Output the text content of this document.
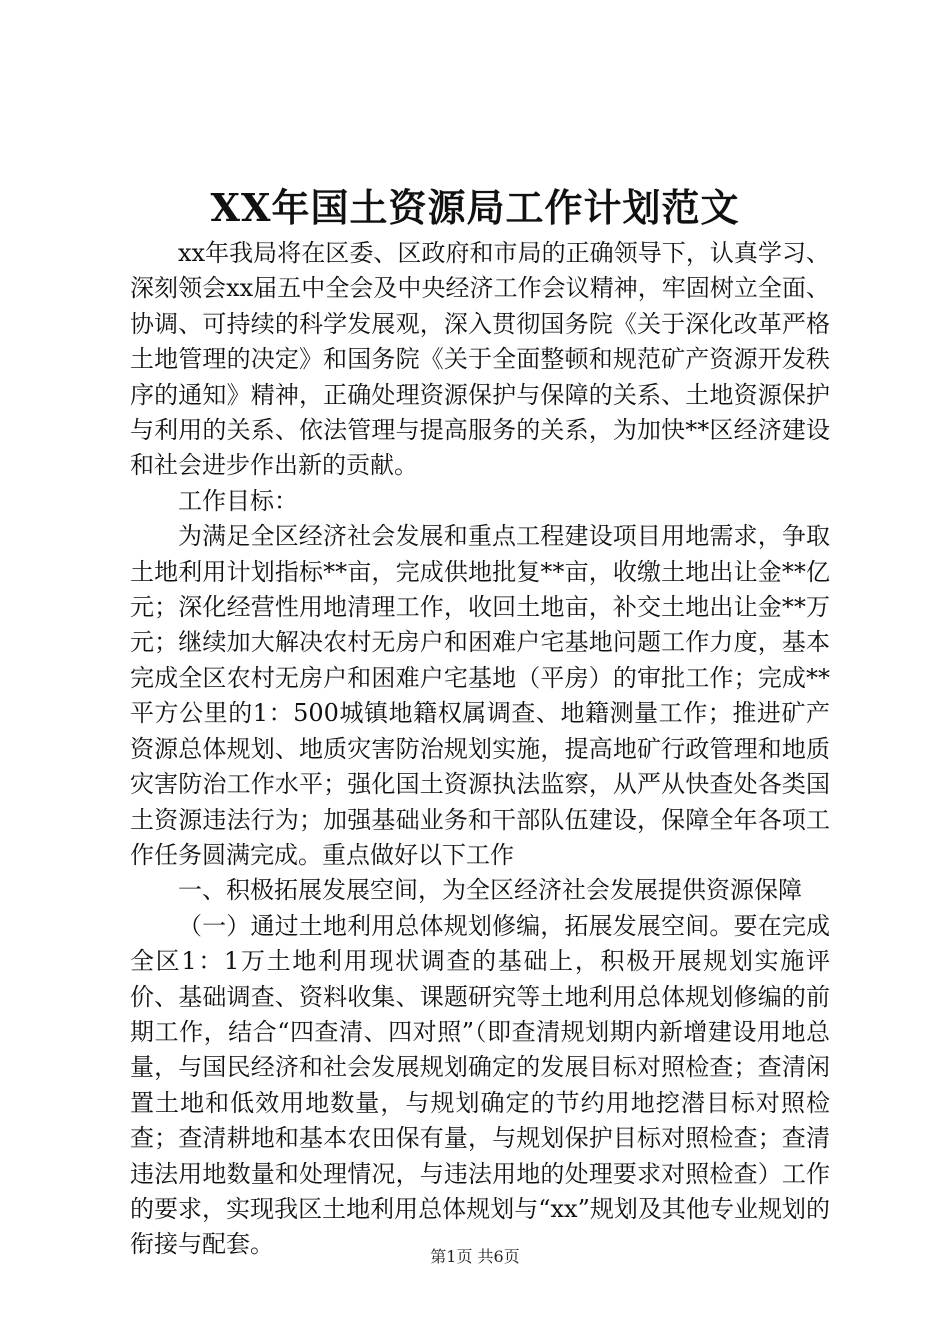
XX年国土资源局工作计划范文

xx年我局将在区委、区政府和市局的正确领导下，认真学习、深刻领会xx届五中全会及中央经济工作会议精神，牢固树立全面、协调、可持续的科学发展观，深入贯彻国务院《关于深化改革严格土地管理的决定》和国务院《关于全面整顿和规范矿产资源开发秩序的通知》精神，正确处理资源保护与保障的关系、土地资源保护与利用的关系、依法管理与提高服务的关系，为加快**区经济建设和社会进步作出新的贡献。

工作目标：

为满足全区经济社会发展和重点工程建设项目用地需求，争取土地利用计划指标**亩，完成供地批复**亩，收缴土地出让金**亿元；深化经营性用地清理工作，收回土地亩，补交土地出让金**万元；继续加大解决农村无房户和困难户宅基地问题工作力度，基本完成全区农村无房户和困难户宅基地（平房）的审批工作；完成**平方公里的1：500城镇地籍权属调查、地籍测量工作；推进矿产资源总体规划、地质灾害防治规划实施，提高地矿行政管理和地质灾害防治工作水平；强化国土资源执法监察，从严从快查处各类国土资源违法行为；加强基础业务和干部队伍建设，保障全年各项工作任务圆满完成。重点做好以下工作

一、积极拓展发展空间，为全区经济社会发展提供资源保障

（一）通过土地利用总体规划修编，拓展发展空间。要在完成全区1：1万土地利用现状调查的基础上，积极开展规划实施评价、基础调查、资料收集、课题研究等土地利用总体规划修编的前期工作，结合“四查清、四对照”（即查清规划期内新增建设用地总量，与国民经济和社会发展规划确定的发展目标对照检查；查清闲置土地和低效用地数量，与规划确定的节约用地挖潜目标对照检查；查清耕地和基本农田保有量，与规划保护目标对照检查；查清违法用地数量和处理情况，与违法用地的处理要求对照检查）工作的要求，实现我区土地利用总体规划与“xx”规划及其他专业规划的衔接与配套。	第1页 共6页
